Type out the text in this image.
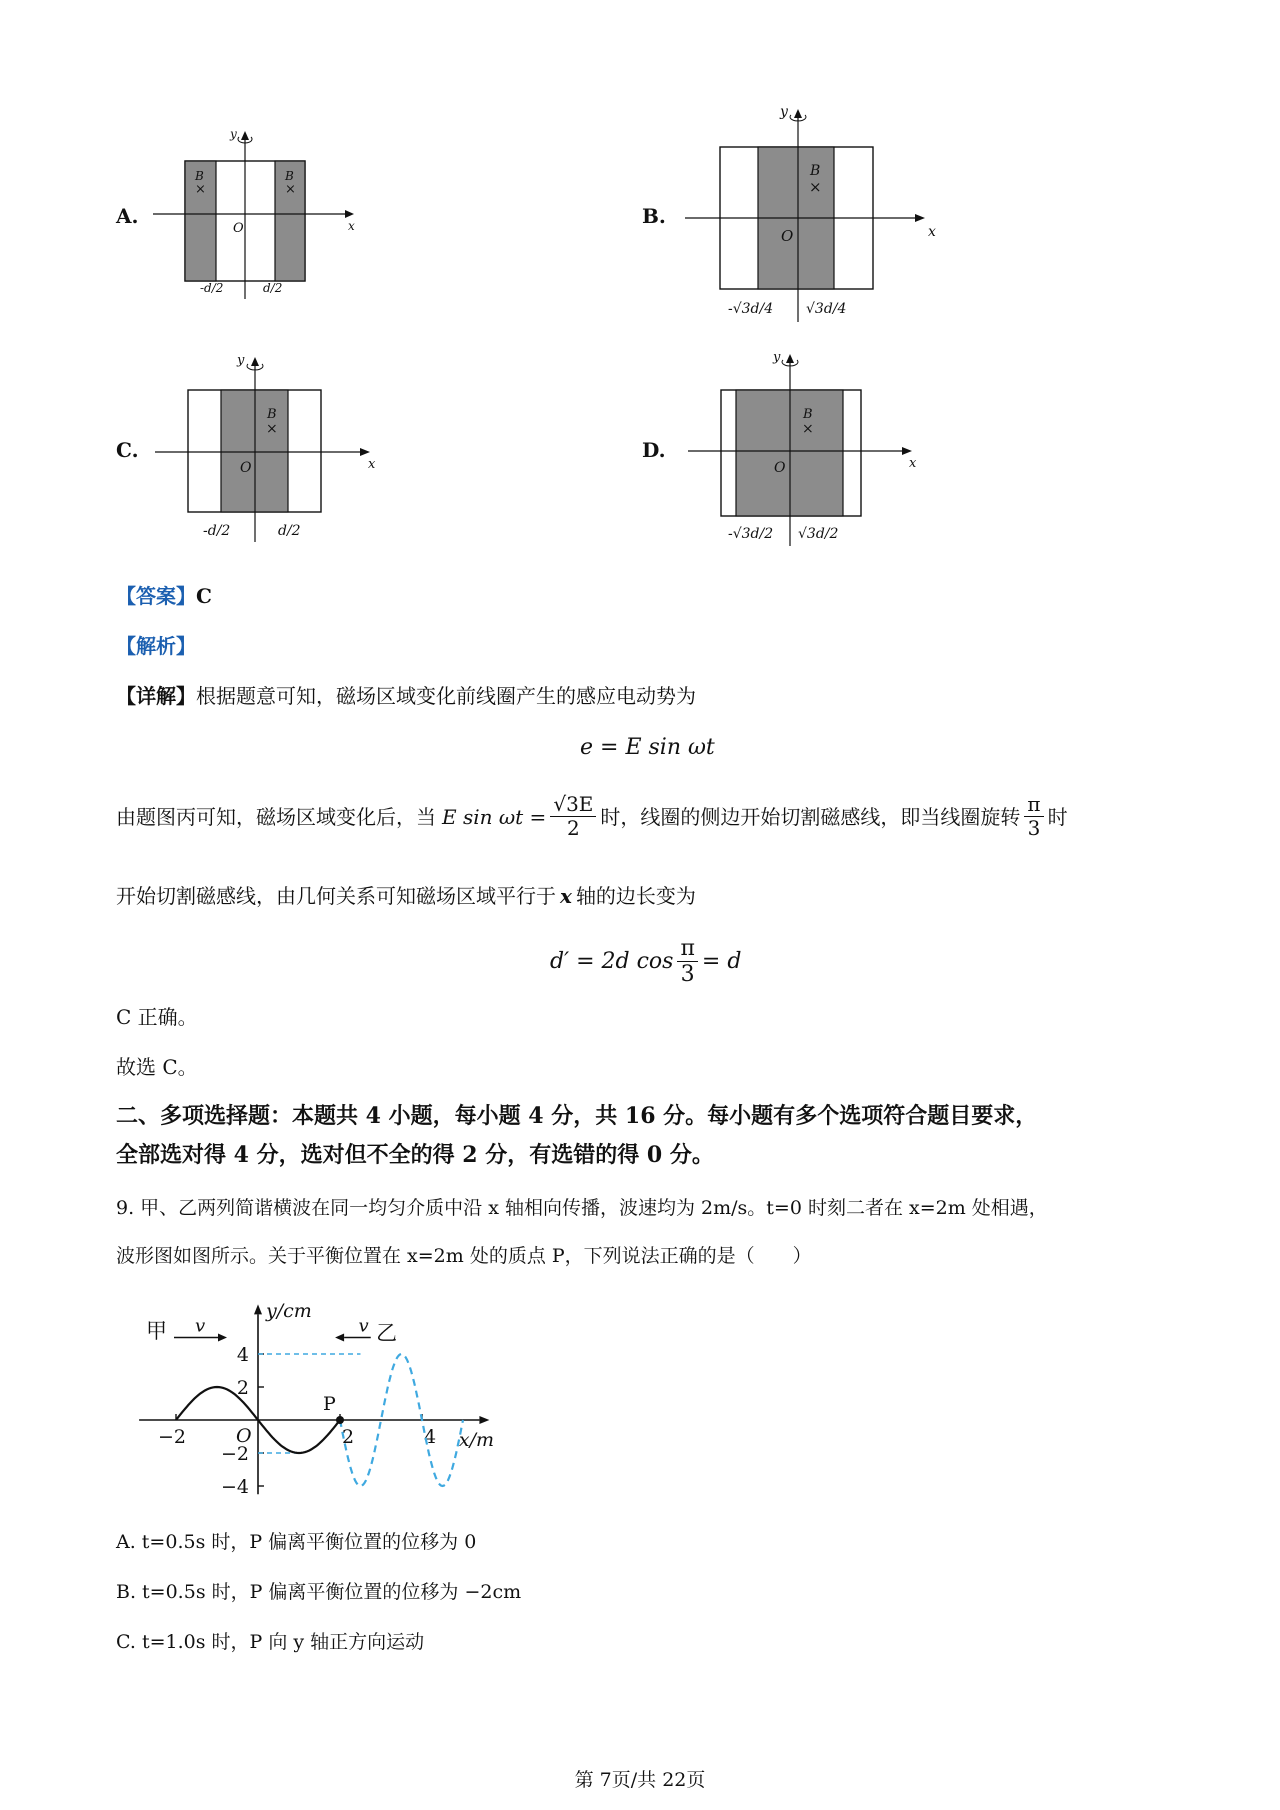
A.
y
x
O
B
×
B
×
-d/2	d/2
B.
y
x
O
B
×
-√3d/4 √3d/4
C.
y
x
O
B
×
-d/2	d/2
D.
y
x
O
B
×
-√3d/2 √3d/2
【答案】C
【解析】
【详解】根据题意可知，磁场区域变化前线圈产生的感应电动势为
e = E sin ωt
由题图丙可知，磁场区域变化后，当 E $\sin \omega t = \frac{√3E}{2}$ 时，线圈的侧边开始切割磁感线，即当线圈旋转 $\frac{\pi}{3}$ 时
开始切割磁感线，由几何关系可知磁场区域平行于 x 轴的边长变为
d′ = 2d $\cos \frac{\pi}{3} = d$
C 正确。
故选 C。
二、多项选择题：本题共 4 小题，每小题 4 分，共 16 分。每小题有多个选项符合题目要求，
全部选对得 4 分，选对但不全的得 2 分，有选错的得 0 分。
9. 甲、乙两列简谐横波在同一均匀介质中沿 x 轴相向传播，波速均为 2m/s。t=0 时刻二者在 x=2m 处相遇，
波形图如图所示。关于平衡位置在 x=2m 处的质点 P，下列说法正确的是（　　）
y/cm
x/m
O
4
2
−2
−4
−2	2	4
P
甲 v	v 乙
A. t=0.5s 时，P 偏离平衡位置的位移为 0
B. t=0.5s 时，P 偏离平衡位置的位移为 −2cm
C. t=1.0s 时，P 向 y 轴正方向运动
第 7页/共 22页
